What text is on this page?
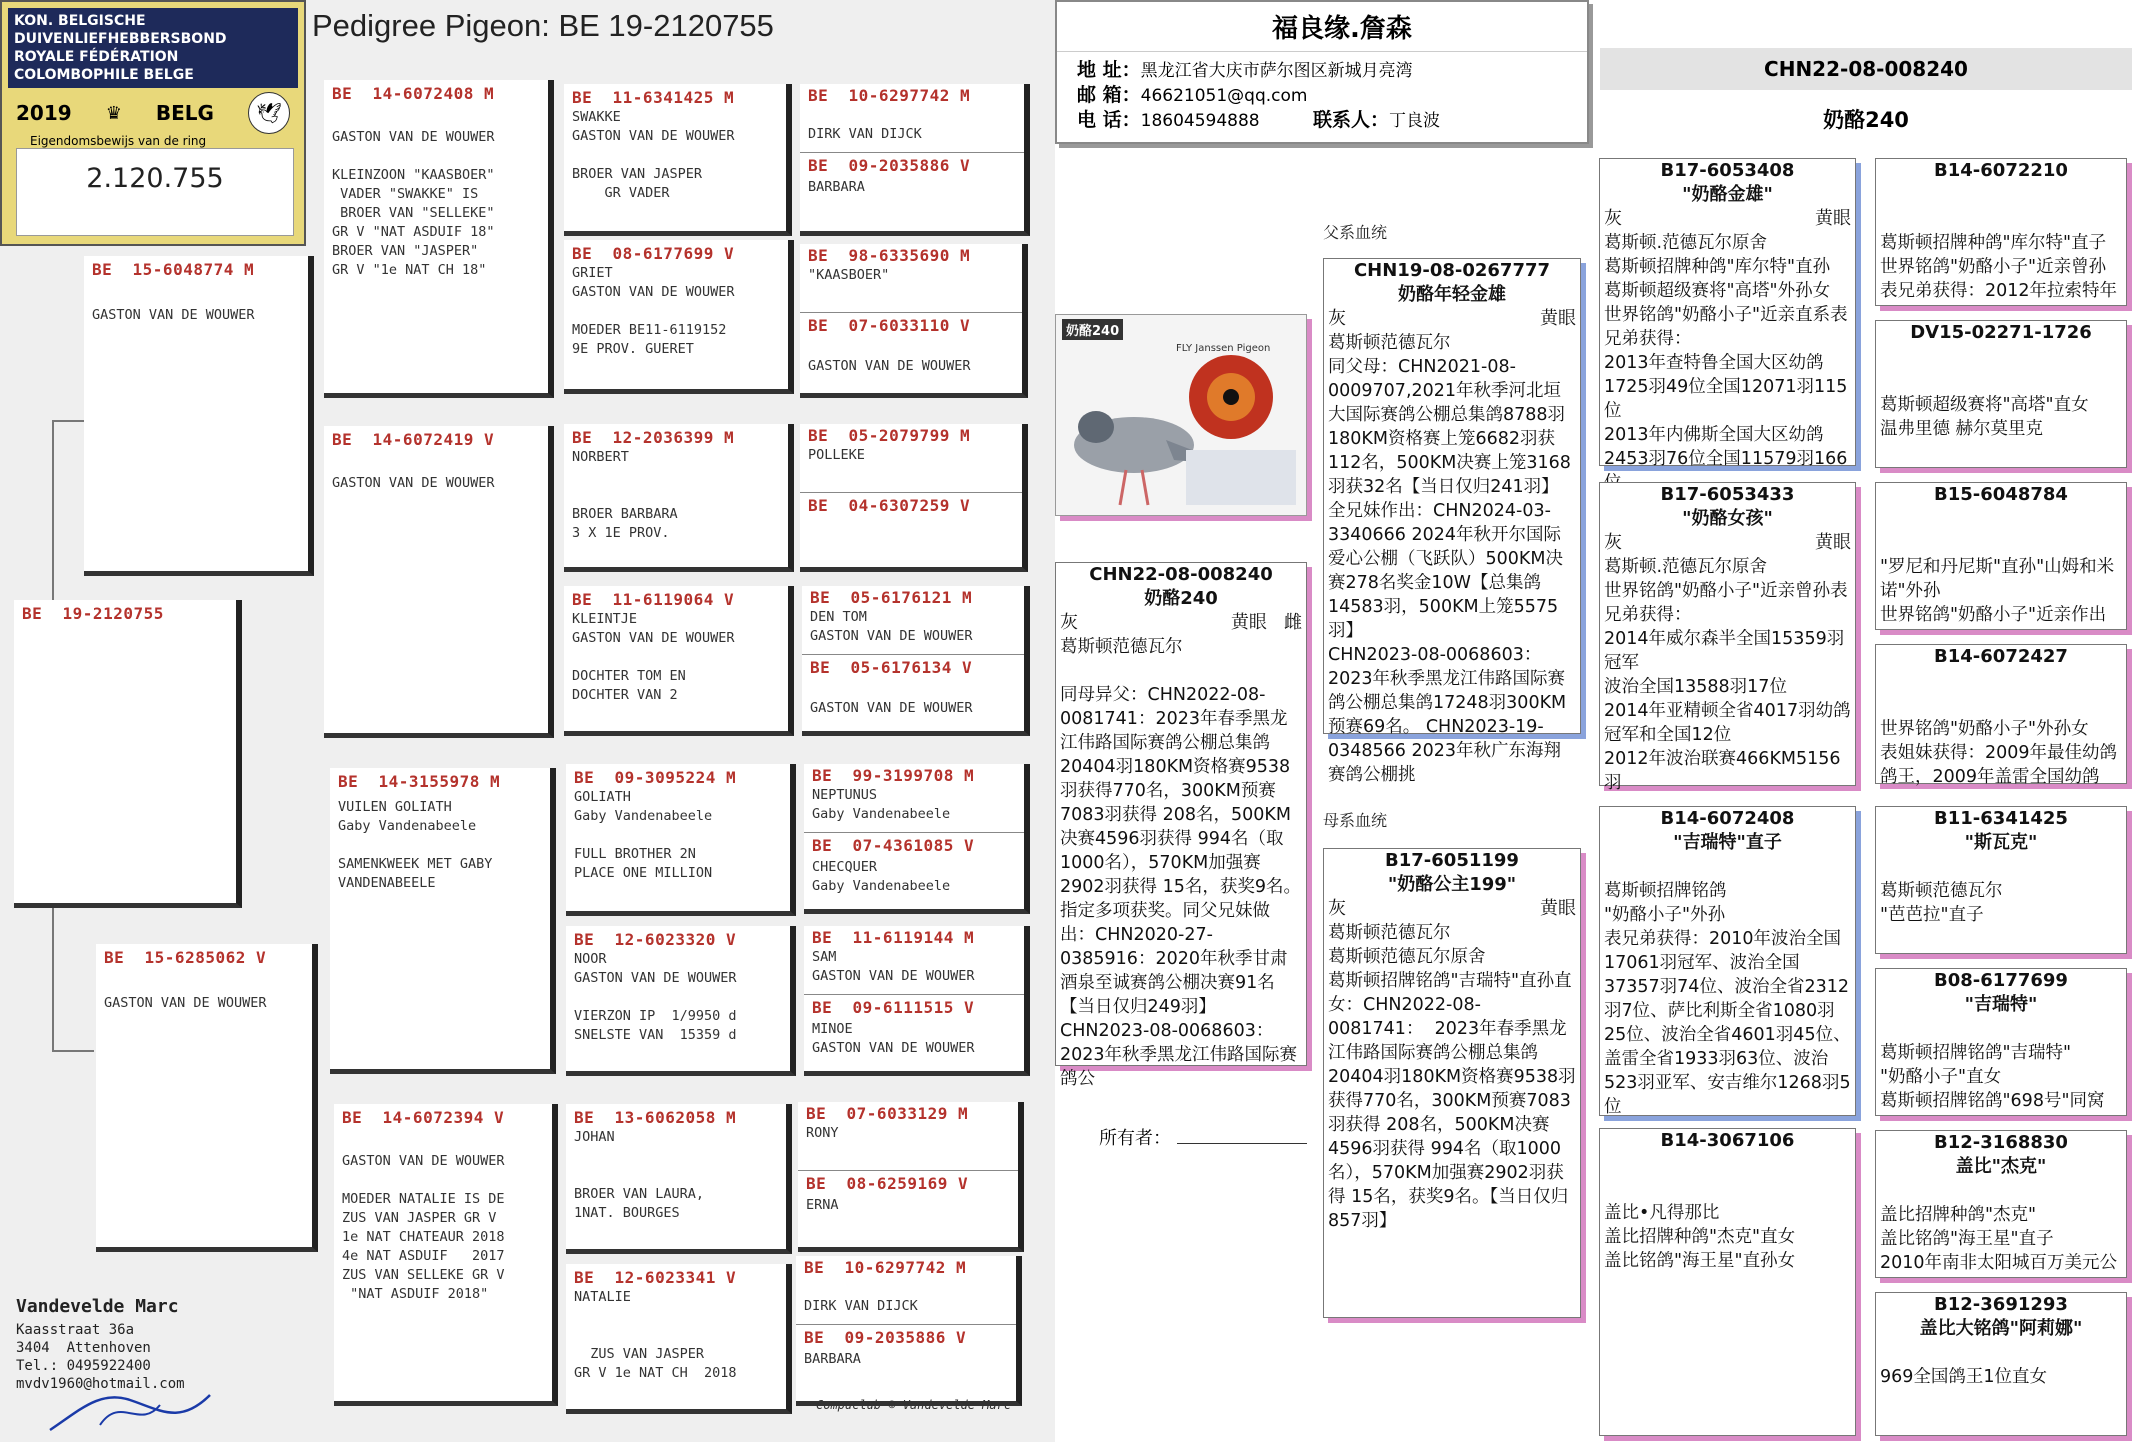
Pedigree Pigeon: BE 19-2120755
KON. BELGISCHE DUIVENLIEFHEBBERSBOND
ROYALE FÉDÉRATION COLOMBOPHILE BELGE
2019 ♛ BELG	🕊
Eigendomsbewijs van de ring
2.120.755
BE  19-2120755
BE  15-6048774 M
GASTON VAN DE WOUWER
BE  15-6285062 V
GASTON VAN DE WOUWER
BE  14-6072408 M
GASTON VAN DE WOUWER

KLEINZOON "KAASBOER"
VADER "SWAKKE" IS
BROER VAN "SELLEKE"
GR V "NAT ASDUIF 18"
BROER VAN "JASPER"
GR V "1e NAT CH 18"
BE  14-6072419 V
GASTON VAN DE WOUWER
BE  14-3155978 M
VUILEN GOLIATH
Gaby Vandenabeele

SAMENKWEEK MET GABY
VANDENABEELE
BE  14-6072394 V
GASTON VAN DE WOUWER

MOEDER NATALIE IS DE
ZUS VAN JASPER GR V
1e NAT CHATEAUR 2018
4e NAT ASDUIF   2017
ZUS VAN SELLEKE GR V
"NAT ASDUIF 2018"
BE  11-6341425 M
SWAKKE
GASTON VAN DE WOUWER

BROER VAN JASPER
GR VADER
BE  08-6177699 V
GRIET
GASTON VAN DE WOUWER

MOEDER BE11-6119152
9E PROV. GUERET
BE  12-2036399 M
NORBERT

BROER BARBARA
3 X 1E PROV.
BE  11-6119064 V
KLEINTJE
GASTON VAN DE WOUWER

DOCHTER TOM EN
DOCHTER VAN 2
BE  09-3095224 M
GOLIATH
Gaby Vandenabeele

FULL BROTHER 2N
PLACE ONE MILLION
BE  12-6023320 V
NOOR
GASTON VAN DE WOUWER

VIERZON IP  1/9950 d
SNELSTE VAN  15359 d
BE  13-6062058 M
JOHAN

BROER VAN LAURA,
1NAT. BOURGES
BE  12-6023341 V
NATALIE

ZUS VAN JASPER
GR V 1e NAT CH  2018
BE  10-6297742 M

DIRK VAN DIJCK
BE  09-2035886 V
BARBARA
BE  98-6335690 M
"KAASBOER"
BE  07-6033110 V

GASTON VAN DE WOUWER
BE  05-2079799 M
POLLEKE
BE  04-6307259 V
BE  05-6176121 M
DEN TOM
GASTON VAN DE WOUWER
BE  05-6176134 V

GASTON VAN DE WOUWER
BE  99-3199708 M
NEPTUNUS
Gaby Vandenabeele
BE  07-4361085 V
CHECQUER
Gaby Vandenabeele
BE  11-6119144 M
SAM
GASTON VAN DE WOUWER
BE  09-6111515 V
MINOE
GASTON VAN DE WOUWER
BE  07-6033129 M
RONY
BE  08-6259169 V
ERNA
BE  10-6297742 M

DIRK VAN DIJCK
BE  09-2035886 V
BARBARA
Vandevelde Marc
Kaasstraat 36a
3404  Attenhoven
Tel.: 0495922400
mvdv1960@hotmail.com
Compuclub © Vandevelde Marc
福良缘.詹森
地 址：黑龙江省大庆市萨尔图区新城月亮湾
邮 箱：46621051@qq.com
电 话：18604594888	联系人：丁良波
CHN22-08-008240
奶酪240
父系血统
母系血统
奶酪240
FLY Janssen Pigeon
CHN22-08-008240
奶酪240
灰	黄眼 雌
葛斯顿范德瓦尔

同母异父：CHN2022-08-0081741：2023年春季黑龙江伟路国际赛鸽公棚总集鸽20404羽180KM资格赛9538羽获得770名，300KM预赛7083羽获得 208名，500KM决赛4596羽获得 994名（取1000名），570KM加强赛2902羽获得 15名，获奖9名。指定多项获奖。同父兄妹做出：CHN2020-27-0385916：2020年秋季甘肃酒泉至诚赛鸽公棚决赛91名【当日仅归249羽】
CHN2023-08-0068603：2023年秋季黑龙江伟路国际赛鸽公
所有者：
CHN19-08-0267777
奶酪年轻金雄
灰	黄眼
葛斯顿范德瓦尔
同父母：CHN2021-08-0009707,2021年秋季河北垣大国际赛鸽公棚总集鸽8788羽180KM资格赛上笼6682羽获112名，500KM决赛上笼3168羽获32名【当日仅归241羽】全兄妹作出：CHN2024-03-3340666 2024年秋开尔国际爱心公棚（飞跃队）500KM决赛278名奖金10W【总集鸽14583羽，500KM上笼5575羽】
CHN2023-08-0068603：2023年秋季黑龙江伟路国际赛鸽公棚总集鸽17248羽300KM预赛69名。 CHN2023-19-0348566 2023年秋广东海翔赛鸽公棚挑
B17-6051199
"奶酪公主199"
灰	黄眼
葛斯顿范德瓦尔
葛斯顿范德瓦尔原舍
葛斯顿招牌铭鸽"吉瑞特"直孙直女：CHN2022-08-0081741：  2023年春季黑龙江伟路国际赛鸽公棚总集鸽20404羽180KM资格赛9538羽获得770名，300KM预赛7083羽获得 208名，500KM决赛4596羽获得 994名（取1000名），570KM加强赛2902羽获得 15名，获奖9名。【当日仅归857羽】
B17-6053408
"奶酪金雄"
灰	黄眼
葛斯顿.范德瓦尔原舍
葛斯顿招牌种鸽"库尔特"直孙
葛斯顿超级赛将"高塔"外孙女
世界铭鸽"奶酪小子"近亲直系表兄弟获得：
2013年查特鲁全国大区幼鸽1725羽49位全国12071羽115位
2013年内佛斯全国大区幼鸽2453羽76位全国11579羽166
B17-6053433
"奶酪女孩"
灰	黄眼
葛斯顿.范德瓦尔原舍
世界铭鸽"奶酪小子"近亲曾孙表兄弟获得：
2014年威尔森半全国15359羽冠军
波治全国13588羽17位
2014年亚精顿全省4017羽幼鸽冠军和全国12位
2012年波治联赛466KM5156羽
B14-6072408
"吉瑞特"直子
葛斯顿招牌铭鸽
"奶酪小子"外孙
表兄弟获得：2010年波治全国17061羽冠军、波治全国37357羽74位、波治全省2312羽7位、萨比利斯全省1080羽25位、波治全省4601羽45位、盖雷全省1933羽63位、波治523羽亚军、安吉维尔1268羽5位
B14-3067106
盖比•凡得那比
盖比招牌种鸽"杰克"直女
盖比铭鸽"海王星"直孙女
B14-6072210
葛斯顿招牌种鸽"库尔特"直子
世界铭鸽"奶酪小子"近亲曾孙
表兄弟获得：2012年拉索特年
DV15-02271-1726
葛斯顿超级赛将"高塔"直女
温弗里德 赫尔莫里克
B15-6048784
"罗尼和丹尼斯"直孙"山姆和米诺"外孙
世界铭鸽"奶酪小子"近亲作出
B14-6072427
世界铭鸽"奶酪小子"外孙女
表姐妹获得：2009年最佳幼鸽鸽王，2009年盖雷全国幼鸽
B11-6341425
"斯瓦克"
葛斯顿范德瓦尔
"芭芭拉"直子
B08-6177699
"吉瑞特"
葛斯顿招牌铭鸽"吉瑞特"
"奶酪小子"直女
葛斯顿招牌铭鸽"698号"同窝
B12-3168830
盖比"杰克"
盖比招牌种鸽"杰克"
盖比铭鸽"海王星"直子
2010年南非太阳城百万美元公
B12-3691293
盖比大铭鸽"阿莉娜"
969全国鸽王1位直女
